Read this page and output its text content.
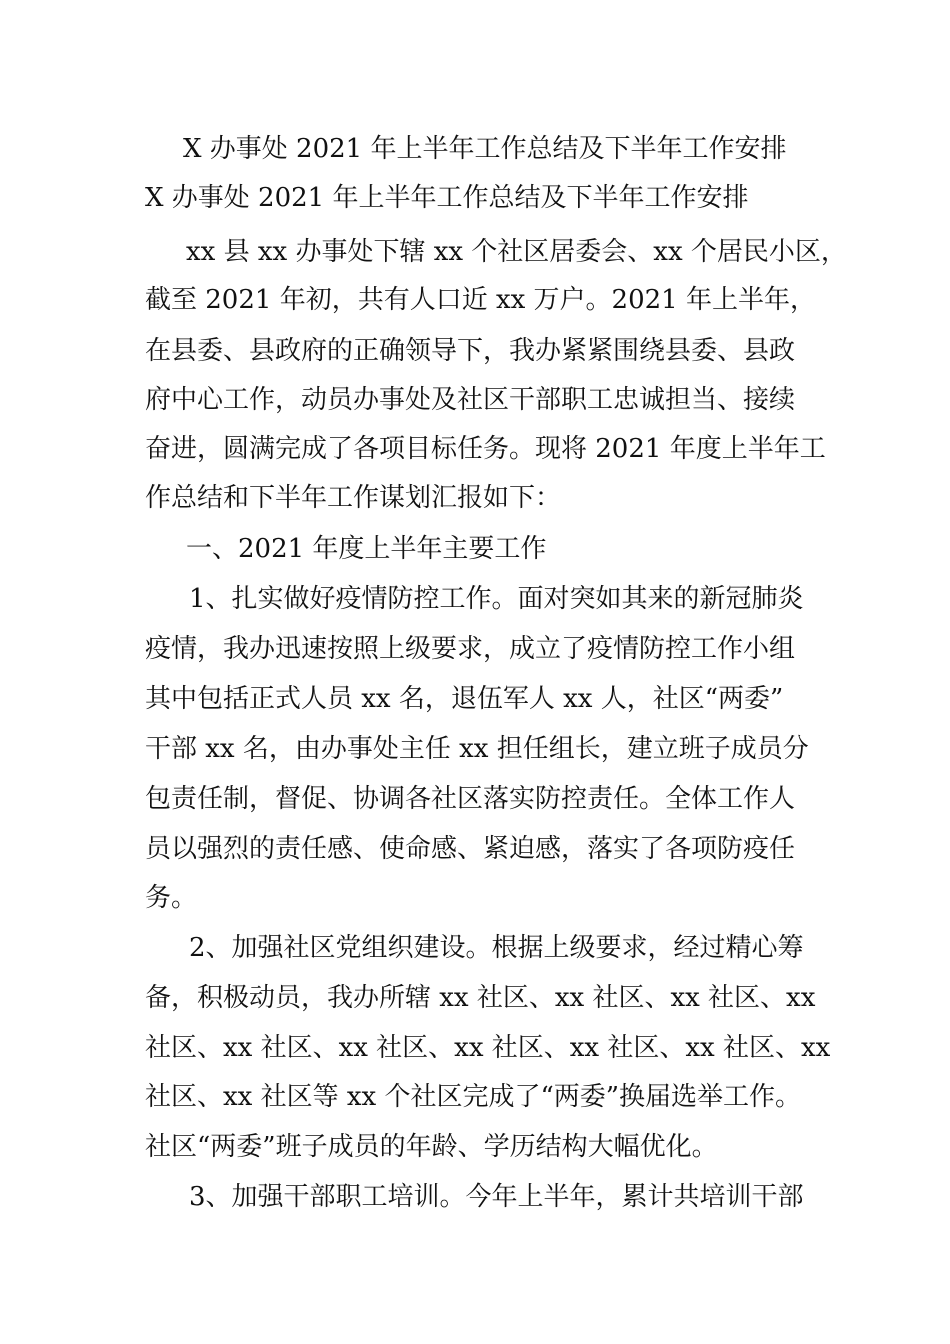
X 办事处 2021 年上半年工作总结及下半年工作安排
X 办事处 2021 年上半年工作总结及下半年工作安排
xx 县 xx 办事处下辖 xx 个社区居委会、xx 个居民小区，
截至 2021 年初，共有人口近 xx 万户。2021 年上半年，
在县委、县政府的正确领导下，我办紧紧围绕县委、县政
府中心工作，动员办事处及社区干部职工忠诚担当、接续
奋进，圆满完成了各项目标任务。现将 2021 年度上半年工
作总结和下半年工作谋划汇报如下：
一、2021 年度上半年主要工作
1、扎实做好疫情防控工作。面对突如其来的新冠肺炎
疫情，我办迅速按照上级要求，成立了疫情防控工作小组
其中包括正式人员 xx 名，退伍军人 xx 人，社区“两委”
干部 xx 名，由办事处主任 xx 担任组长，建立班子成员分
包责任制，督促、协调各社区落实防控责任。全体工作人
员以强烈的责任感、使命感、紧迫感，落实了各项防疫任
务。
2、加强社区党组织建设。根据上级要求，经过精心筹
备，积极动员，我办所辖 xx 社区、xx 社区、xx 社区、xx
社区、xx 社区、xx 社区、xx 社区、xx 社区、xx 社区、xx
社区、xx 社区等 xx 个社区完成了“两委”换届选举工作。
社区“两委”班子成员的年龄、学历结构大幅优化。
3、加强干部职工培训。今年上半年，累计共培训干部
